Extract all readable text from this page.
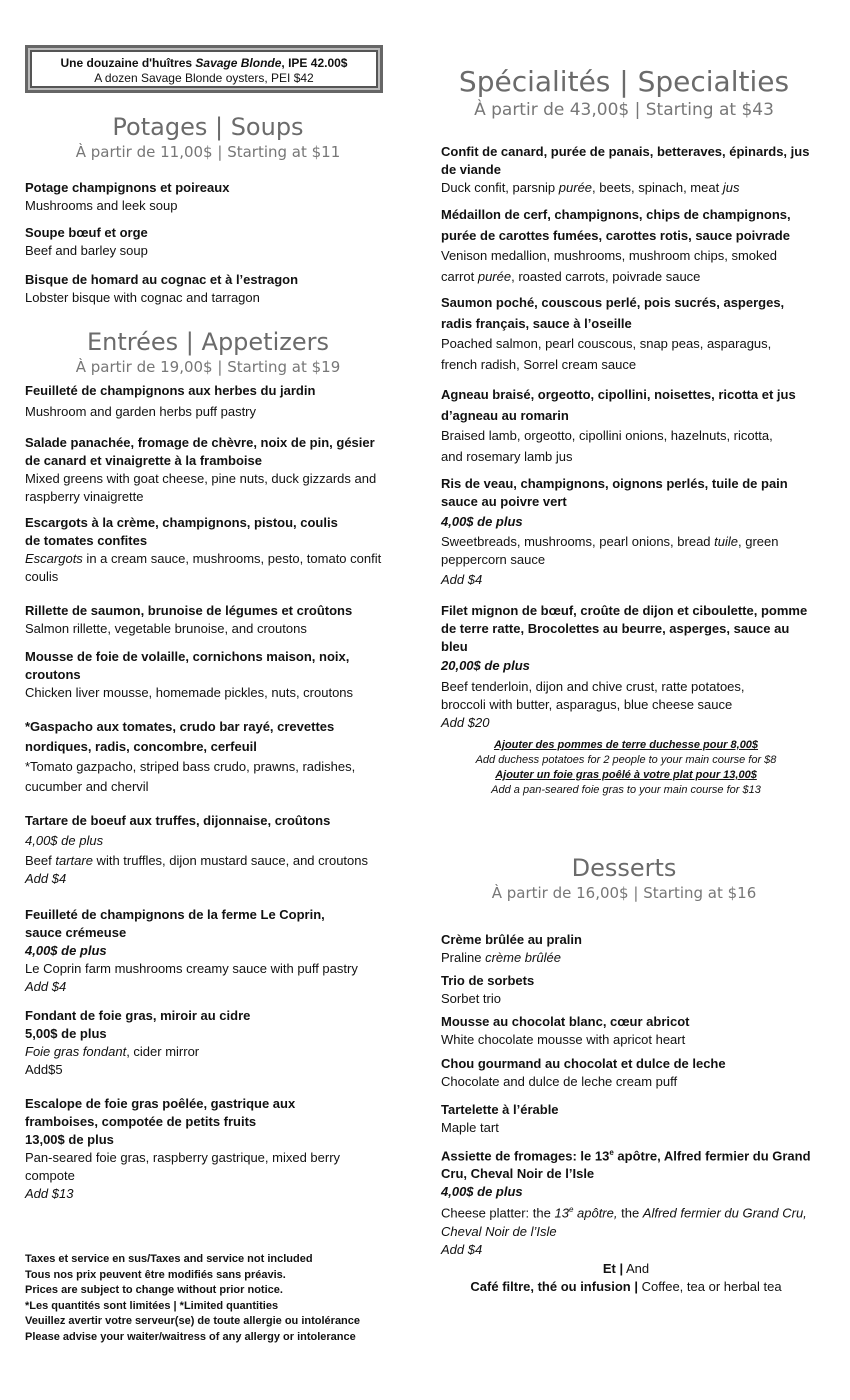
Une douzaine d'huîtres Savage Blonde, IPE 42.00$
A dozen Savage Blonde oysters, PEI $42
Potages | Soups
À partir de 11,00$ | Starting at $11
Potage champignons et poireaux
Mushrooms and leek soup
Soupe bœuf et orge
Beef and barley soup
Bisque de homard au cognac et à l’estragon
Lobster bisque with cognac and tarragon
Entrées | Appetizers
À partir de 19,00$ | Starting at $19
Feuilleté de champignons aux herbes du jardin
Mushroom and garden herbs puff pastry
Salade panachée, fromage de chèvre, noix de pin, gésier de canard et vinaigrette à la framboise
Mixed greens with goat cheese, pine nuts, duck gizzards and raspberry vinaigrette
Escargots à la crème, champignons, pistou, coulis de tomates confites
Escargots in a cream sauce, mushrooms, pesto, tomato confit coulis
Rillette de saumon, brunoise de légumes et croûtons
Salmon rillette, vegetable brunoise, and croutons
Mousse de foie de volaille, cornichons maison, noix, croutons
Chicken liver mousse, homemade pickles, nuts, croutons
*Gaspacho aux tomates, crudo bar rayé, crevettes nordiques, radis, concombre, cerfeuil
*Tomato gazpacho, striped bass crudo, prawns, radishes, cucumber and chervil
Tartare de boeuf aux truffes, dijonnaise, croûtons
4,00$ de plus
Beef tartare with truffles, dijon mustard sauce, and croutons
Add $4
Feuilleté de champignons de la ferme Le Coprin,
sauce crémeuse
4,00$ de plus
Le Coprin farm mushrooms creamy sauce with puff pastry
Add $4
Fondant de foie gras, miroir au cidre
5,00$ de plus
Foie gras fondant, cider mirror
Add$5
Escalope de foie gras poêlée, gastrique aux framboises, compotée de petits fruits
13,00$ de plus
Pan-seared foie gras, raspberry gastrique, mixed berry compote
Add $13
Taxes et service en sus/Taxes and service not included
Tous nos prix peuvent être modifiés sans préavis.
Prices are subject to change without prior notice.
*Les quantités sont limitées | *Limited quantities
Veuillez avertir votre serveur(se) de toute allergie ou intolérance
Please advise your waiter/waitress of any allergy or intolerance
Spécialités | Specialties
À partir de 43,00$ | Starting at $43
Confit de canard, purée de panais, betteraves, épinards, jus de viande
Duck confit, parsnip purée, beets, spinach, meat jus
Médaillon de cerf, champignons, chips de champignons, purée de carottes fumées, carottes rotis, sauce poivrade
Venison medallion, mushrooms, mushroom chips, smoked carrot purée, roasted carrots, poivrade sauce
Saumon poché, couscous perlé, pois sucrés, asperges, radis français, sauce à l’oseille
Poached salmon, pearl couscous, snap peas, asparagus, french radish, Sorrel cream sauce
Agneau braisé, orgeotto, cipollini, noisettes, ricotta et jus d’agneau au romarin
Braised lamb, orgeotto, cipollini onions, hazelnuts, ricotta, and rosemary lamb jus
Ris de veau, champignons, oignons perlés, tuile de pain sauce au poivre vert
4,00$ de plus
Sweetbreads, mushrooms, pearl onions, bread tuile, green peppercorn sauce
Add $4
Filet mignon de bœuf, croûte de dijon et ciboulette, pomme de terre ratte, Brocolettes au beurre, asperges, sauce au bleu
20,00$ de plus
Beef tenderloin, dijon and chive crust, ratte potatoes, broccoli with butter, asparagus, blue cheese sauce
Add $20
Ajouter des pommes de terre duchesse pour 8,00$
Add duchess potatoes for 2 people to your main course for $8
Ajouter un foie gras poêlé à votre plat pour 13,00$
Add a pan-seared foie gras to your main course for $13
Desserts
À partir de 16,00$ | Starting at $16
Crème brûlée au pralin
Praline crème brûlée
Trio de sorbets
Sorbet trio
Mousse au chocolat blanc, cœur abricot
White chocolate mousse with apricot heart
Chou gourmand au chocolat et dulce de leche
Chocolate and dulce de leche cream puff
Tartelette à l’érable
Maple tart
Assiette de fromages: le 13e apôtre, Alfred fermier du Grand Cru, Cheval Noir de l’Isle
4,00$ de plus
Cheese platter: the 13e apôtre, the Alfred fermier du Grand Cru, Cheval Noir de l’Isle
Add $4
Et | And
Café filtre, thé ou infusion | Coffee, tea or herbal tea
